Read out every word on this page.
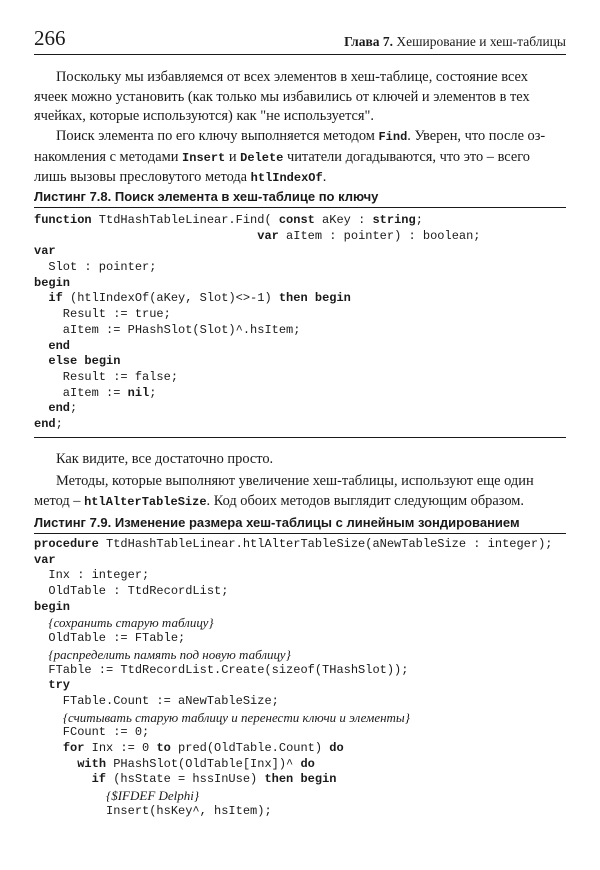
266	Глава 7. Хеширование и хеш-таблицы
Поскольку мы избавляемся от всех элементов в хеш-таблице, состояние всех
ячеек можно установить (как только мы избавились от ключей и элементов в тех
ячейках, которые используются) как "не используется".
Поиск элемента по его ключу выполняется методом Find. Уверен, что после оз-
накомления с методами Insert и Delete читатели догадываются, что это – всего
лишь вызовы пресловутого метода htlIndexOf.
Листинг 7.8. Поиск элемента в хеш-таблице по ключу
function TtdHashTableLinear.Find( const aKey : string;
var aItem : pointer) : boolean;
var
Slot : pointer;
begin
if (htlIndexOf(aKey, Slot)<>-1) then begin
Result := true;
aItem := PHashSlot(Slot)^.hsItem;
end
else begin
Result := false;
aItem := nil;
end;
end;
Как видите, все достаточно просто.
Методы, которые выполняют увеличение хеш-таблицы, используют еще один
метод – htlAlterTableSize. Код обоих методов выглядит следующим образом.
Листинг 7.9. Изменение размера хеш-таблицы с линейным зондированием
procedure TtdHashTableLinear.htlAlterTableSize(aNewTableSize : integer);
var
Inx : integer;
OldTable : TtdRecordList;
begin
{сохранить старую таблицу}
OldTable := FTable;
{распределить память под новую таблицу}
FTable := TtdRecordList.Create(sizeof(THashSlot));
try
FTable.Count := aNewTableSize;
{считывать старую таблицу и перенести ключи и элементы}
FCount := 0;
for Inx := 0 to pred(OldTable.Count) do
with PHashSlot(OldTable[Inx])^ do
if (hsState = hssInUse) then begin
{$IFDEF Delphi}
Insert(hsKey^, hsItem);
